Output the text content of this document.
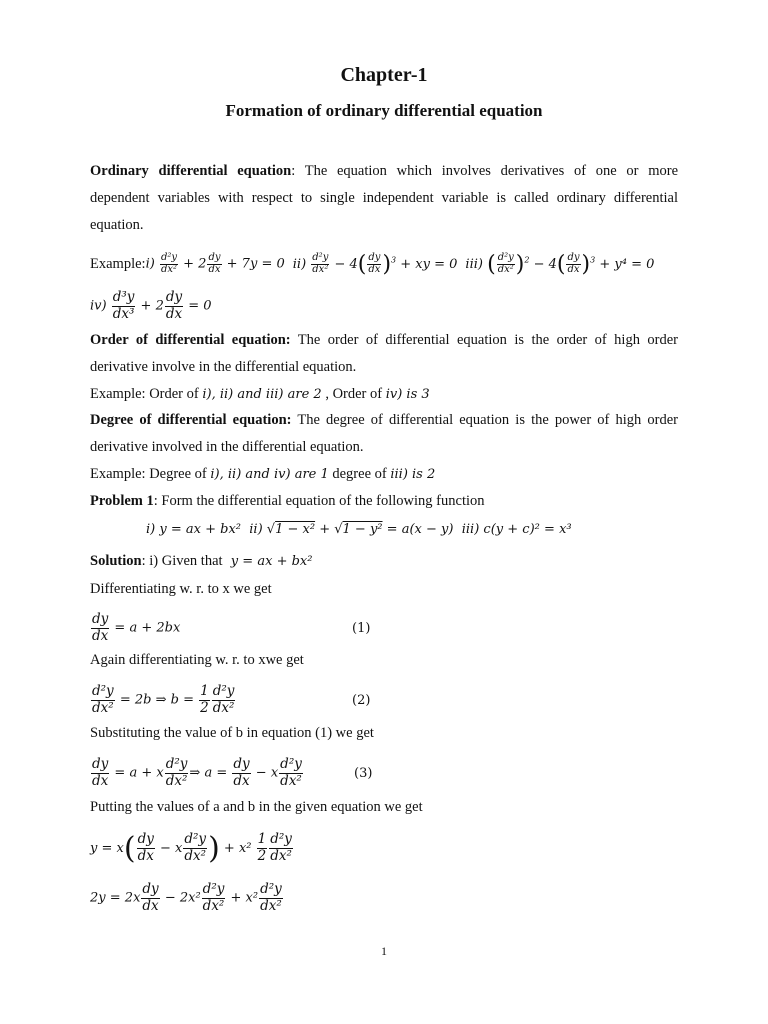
Chapter-1
Formation of ordinary differential equation
Ordinary differential equation: The equation which involves derivatives of one or more
dependent variables with respect to single independent variable is called ordinary differential
equation.
Example: $i) \frac{\text{d²y}}{\text{dx²}} + 2 \frac{dy}{dx} + 7y = 0$ $ii) \frac{\text{d²y}}{\text{dx²}} - 4( \frac{dy}{dx} )^3$ + xy = 0 iii) ( $\frac{\text{d²y}}{\text{dx²}} )^2 - 4( \frac{dy}{dx} )^3 + y^4 = 0$
$iv) \frac{\text{d³y}}{\text{dx³}} + 2 \frac{dy}{dx} = 0$
Order of differential equation: The order of differential equation is the order of high order
derivative involve in the differential equation.
Example: Order of i), ii) and iii) are 2 , Order of iv) is 3
Degree of differential equation: The degree of differential equation is the power of high order
derivative involved in the differential equation.
Example: Degree of i), ii) and iv) are 1 degree of iii) is 2
Problem 1: Form the differential equation of the following function
i) y = ax + bx²  ii) √1 − x² + √1 − y² = a(x − y)  iii) c(y + c)² = x³
Solution: i) Given that  y = ax + bx²
Differentiating w. r. to x we get
$\frac{dy}{dx} = a + 2bx$	(1)
Again differentiating w. r. to xwe get
$\frac{\text{d²y}}{\text{dx²}} = 2b$ ⇒ $b = \frac{1}{2} \frac{\text{d²y}}{\text{dx²}}$	(2)
Substituting the value of b in equation (1) we get
$\frac{dy}{dx} = a + x \frac{\text{d²y}}{\text{dx²}}$ ⇒ $a = \frac{dy}{dx} - x \frac{\text{d²y}}{\text{dx²}}$	(3)
Putting the values of a and b in the given equation we get
$y = x( \frac{dy}{dx} - x \frac{\text{d²y}}{\text{dx²}}$ ) + $x^2 \frac{1}{2} \frac{\text{d²y}}{\text{dx²}}$
$2y = 2x \frac{dy}{dx} - 2x^2 \frac{\text{d²y}}{\text{dx²}} + x^2 \frac{\text{d²y}}{\text{dx²}}$
1
